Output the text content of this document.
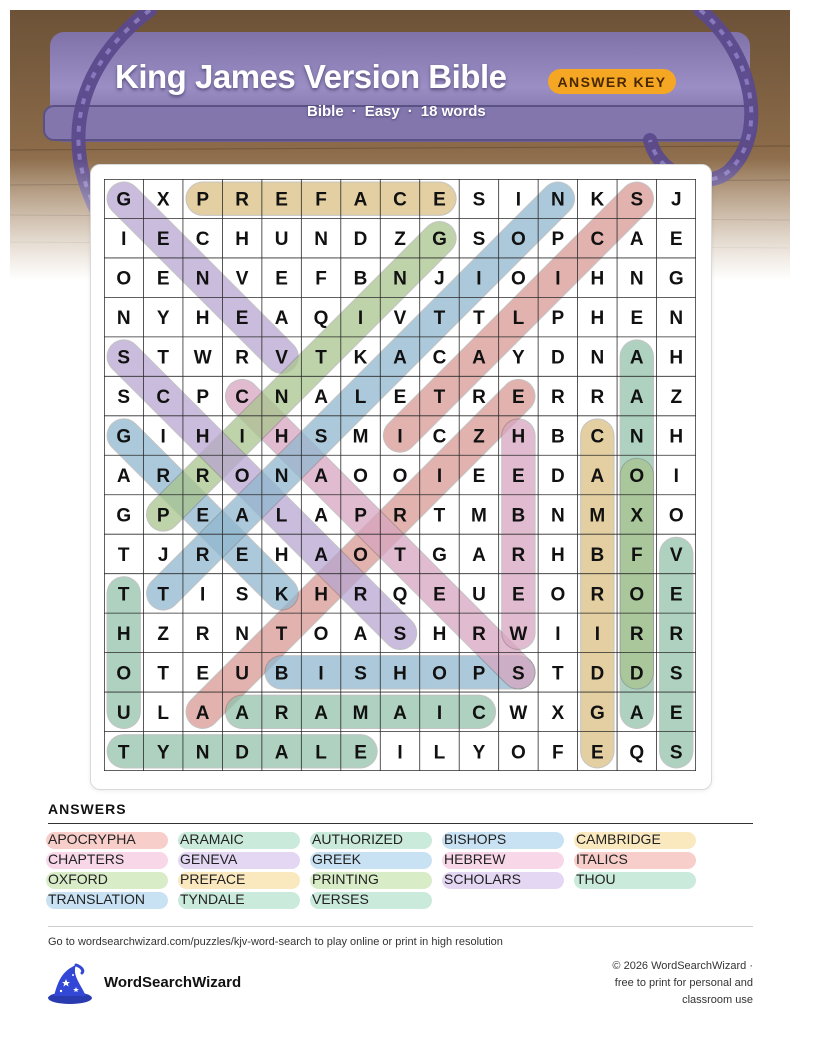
King James Version Bible	ANSWER KEY
Bible · Easy · 18 words
G X P R E F A C E S I N K S J
I E C H U N D Z G S O P C A E
O E N V E F B N J I O I H N G
N Y H E A Q I V T T L P H E N
S T W R V T K A C A Y D N A H
S C P C N A L E T R E R R A Z
G I H I H S M I C Z H B C N H
A R R O N A O O I E E D A O I
G P E A L A P R T M B N M X O
T J R E H A O T G A R H B F V
T T I S K H R Q E U E O R O E
H Z R N T O A S H R W I I R R
O T E U B I S H O P S T D D S
U L A A R A M A I C W X G A E
T Y N D A L E I L Y O F E Q S
ANSWERS
APOCRYPHA
CHAPTERS
OXFORD
TRANSLATION
ARAMAIC
GENEVA
PREFACE
TYNDALE
AUTHORIZED
GREEK
PRINTING
VERSES
BISHOPS
HEBREW
SCHOLARS
CAMBRIDGE
ITALICS
THOU
Go to wordsearchwizard.com/puzzles/kjv-word-search to play online or print in high resolution
WordSearchWizard
© 2026 WordSearchWizard ·
free to print for personal and
classroom use
